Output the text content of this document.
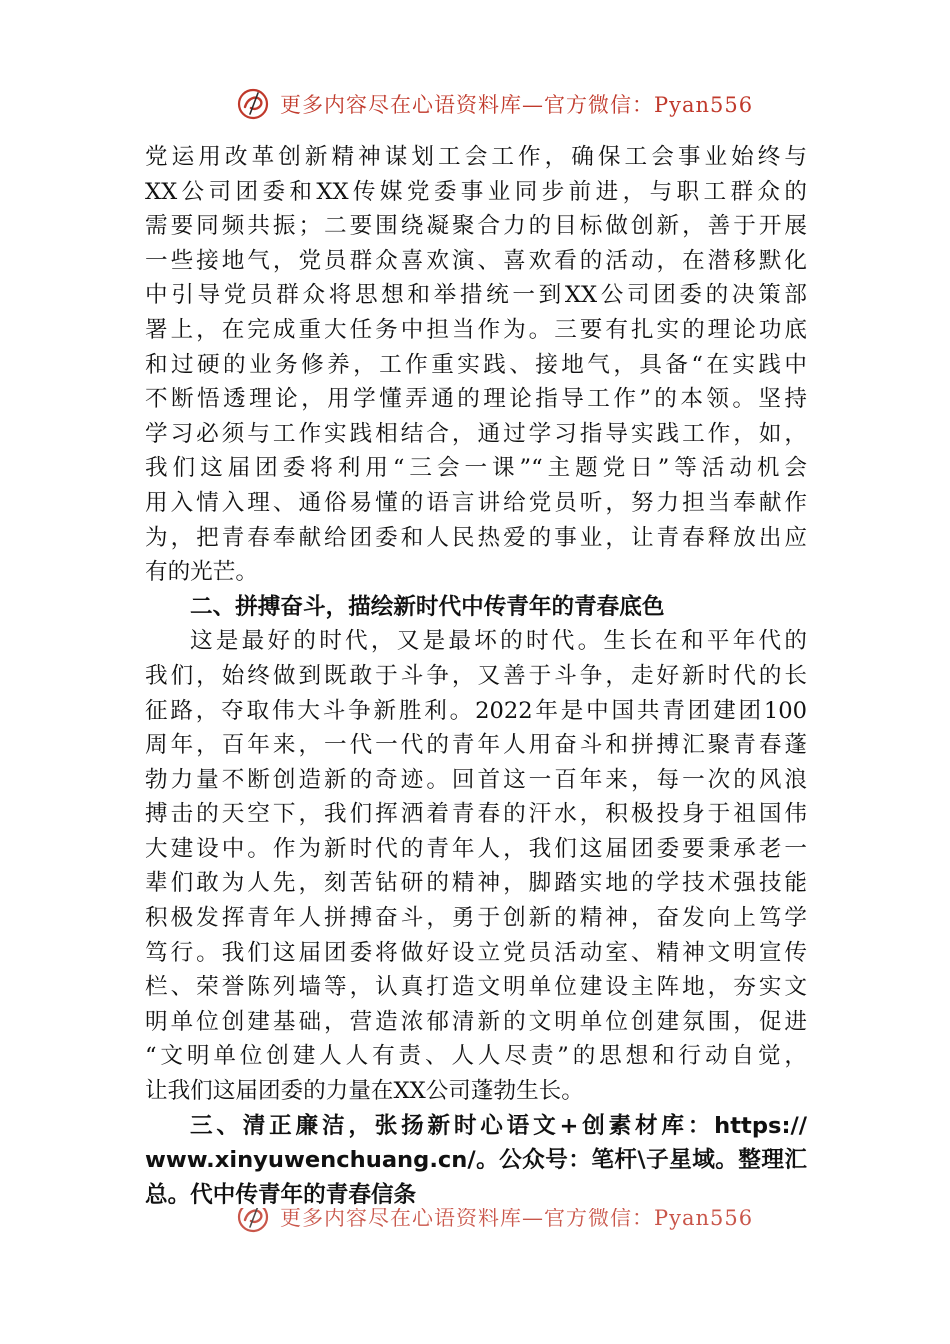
更多内容尽在心语资料库—官方微信：Pyan556
党运用改革创新精神谋划工会工作，确保工会事业始终与
XX公司团委和XX传媒党委事业同步前进，与职工群众的
需要同频共振；二要围绕凝聚合力的目标做创新，善于开展
一些接地气，党员群众喜欢演、喜欢看的活动，在潜移默化
中引导党员群众将思想和举措统一到XX公司团委的决策部
署上，在完成重大任务中担当作为。三要有扎实的理论功底
和过硬的业务修养，工作重实践、接地气，具备“在实践中
不断悟透理论，用学懂弄通的理论指导工作”的本领。坚持
学习必须与工作实践相结合，通过学习指导实践工作，如，
我们这届团委将利用“三会一课”“主题党日”等活动机会
用入情入理、通俗易懂的语言讲给党员听，努力担当奉献作
为，把青春奉献给团委和人民热爱的事业，让青春释放出应
有的光芒。
二、拼搏奋斗，描绘新时代中传青年的青春底色
这是最好的时代，又是最坏的时代。生长在和平年代的
我们，始终做到既敢于斗争，又善于斗争，走好新时代的长
征路，夺取伟大斗争新胜利。2022年是中国共青团建团100
周年，百年来，一代一代的青年人用奋斗和拼搏汇聚青春蓬
勃力量不断创造新的奇迹。回首这一百年来，每一次的风浪
搏击的天空下，我们挥洒着青春的汗水，积极投身于祖国伟
大建设中。作为新时代的青年人，我们这届团委要秉承老一
辈们敢为人先，刻苦钻研的精神，脚踏实地的学技术强技能
积极发挥青年人拼搏奋斗，勇于创新的精神，奋发向上笃学
笃行。我们这届团委将做好设立党员活动室、精神文明宣传
栏、荣誉陈列墙等，认真打造文明单位建设主阵地，夯实文
明单位创建基础，营造浓郁清新的文明单位创建氛围，促进
“文明单位创建人人有责、人人尽责”的思想和行动自觉，
让我们这届团委的力量在XX公司蓬勃生长。
三、清正廉洁，张扬新时心语文+创素材库：https://
www.xinyuwenchuang.cn/。公众号：笔杆\子星域。整理汇
总。代中传青年的青春信条
更多内容尽在心语资料库—官方微信：Pyan556
